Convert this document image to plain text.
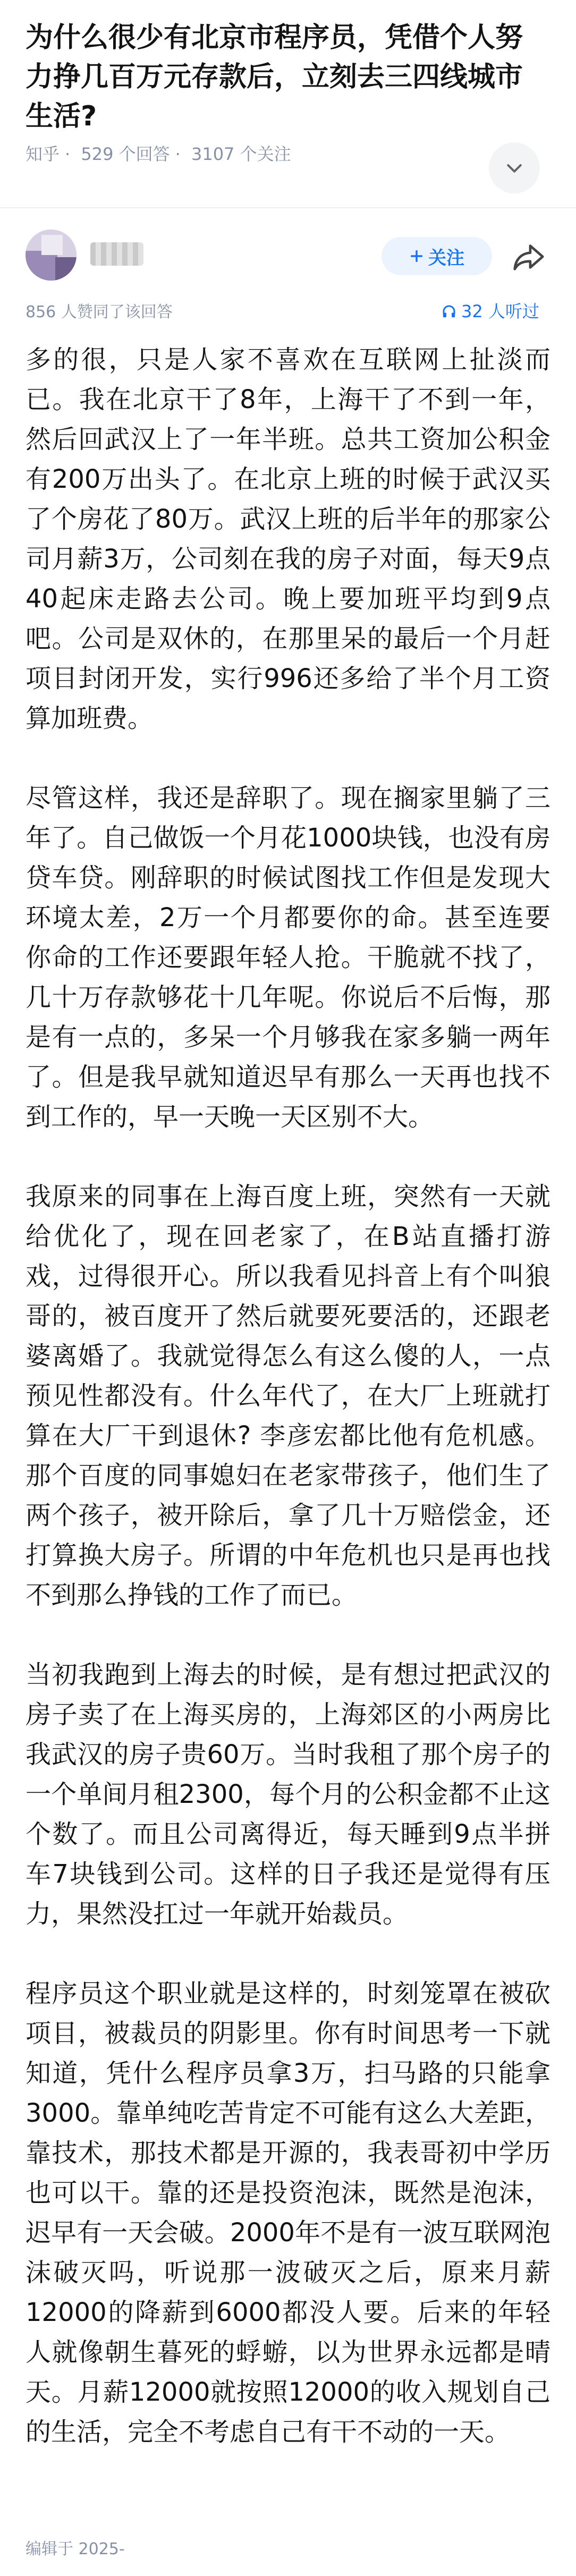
为什么很少有北京市程序员，凭借个人努力挣几百万元存款后，立刻去三四线城市生活?
知乎 · 529 个回答 · 3107 个关注
关注
856 人赞同了该回答	32 人听过

多的很，只是人家不喜欢在互联网上扯淡而已。我在北京干了8年，上海干了不到一年，然后回武汉上了一年半班。总共工资加公积金有200万出头了。在北京上班的时候于武汉买了个房花了80万。武汉上班的后半年的那家公司月薪3万，公司刻在我的房子对面，每天9点40起床走路去公司。晚上要加班平均到9点吧。公司是双休的，在那里呆的最后一个月赶项目封闭开发，实行996还多给了半个月工资算加班费。

尽管这样，我还是辞职了。现在搁家里躺了三年了。自己做饭一个月花1000块钱，也没有房贷车贷。刚辞职的时候试图找工作但是发现大环境太差，2万一个月都要你的命。甚至连要你命的工作还要跟年轻人抢。干脆就不找了，几十万存款够花十几年呢。你说后不后悔，那是有一点的，多呆一个月够我在家多躺一两年了。但是我早就知道迟早有那么一天再也找不到工作的，早一天晚一天区别不大。

我原来的同事在上海百度上班，突然有一天就给优化了，现在回老家了，在B站直播打游戏，过得很开心。所以我看见抖音上有个叫狼哥的，被百度开了然后就要死要活的，还跟老婆离婚了。我就觉得怎么有这么傻的人，一点预见性都没有。什么年代了，在大厂上班就打算在大厂干到退休? 李彦宏都比他有危机感。那个百度的同事媳妇在老家带孩子，他们生了两个孩子，被开除后，拿了几十万赔偿金，还打算换大房子。所谓的中年危机也只是再也找不到那么挣钱的工作了而已。

当初我跑到上海去的时候，是有想过把武汉的房子卖了在上海买房的，上海郊区的小两房比我武汉的房子贵60万。当时我租了那个房子的一个单间月租2300，每个月的公积金都不止这个数了。而且公司离得近，每天睡到9点半拼车7块钱到公司。这样的日子我还是觉得有压力，果然没扛过一年就开始裁员。

程序员这个职业就是这样的，时刻笼罩在被砍项目，被裁员的阴影里。你有时间思考一下就知道，凭什么程序员拿3万，扫马路的只能拿3000。靠单纯吃苦肯定不可能有这么大差距，靠技术，那技术都是开源的，我表哥初中学历也可以干。靠的还是投资泡沫，既然是泡沫，迟早有一天会破。2000年不是有一波互联网泡沫破灭吗，听说那一波破灭之后，原来月薪12000的降薪到6000都没人要。后来的年轻人就像朝生暮死的蜉蝣，以为世界永远都是晴天。月薪12000就按照12000的收入规划自己的生活，完全不考虑自己有干不动的一天。

编辑于 2025-
